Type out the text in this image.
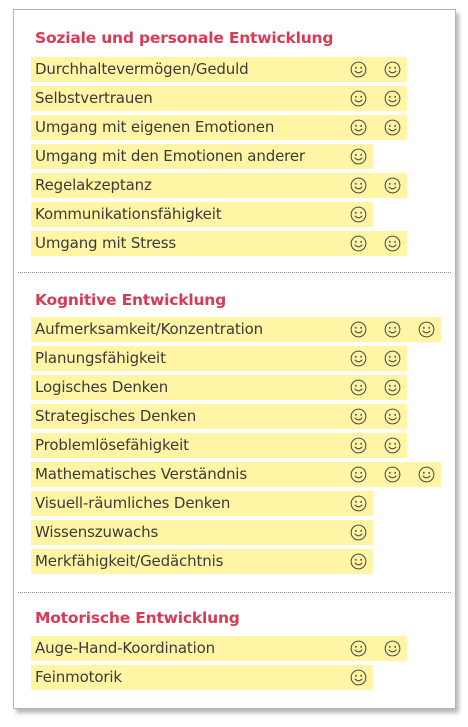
Soziale und personale Entwicklung
Durchhaltevermögen/Geduld
Selbstvertrauen
Umgang mit eigenen Emotionen
Umgang mit den Emotionen anderer
Regelakzeptanz
Kommunikationsfähigkeit
Umgang mit Stress
Kognitive Entwicklung
Aufmerksamkeit/Konzentration
Planungsfähigkeit
Logisches Denken
Strategisches Denken
Problemlösefähigkeit
Mathematisches Verständnis
Visuell-räumliches Denken
Wissenszuwachs
Merkfähigkeit/Gedächtnis
Motorische Entwicklung
Auge-Hand-Koordination
Feinmotorik
